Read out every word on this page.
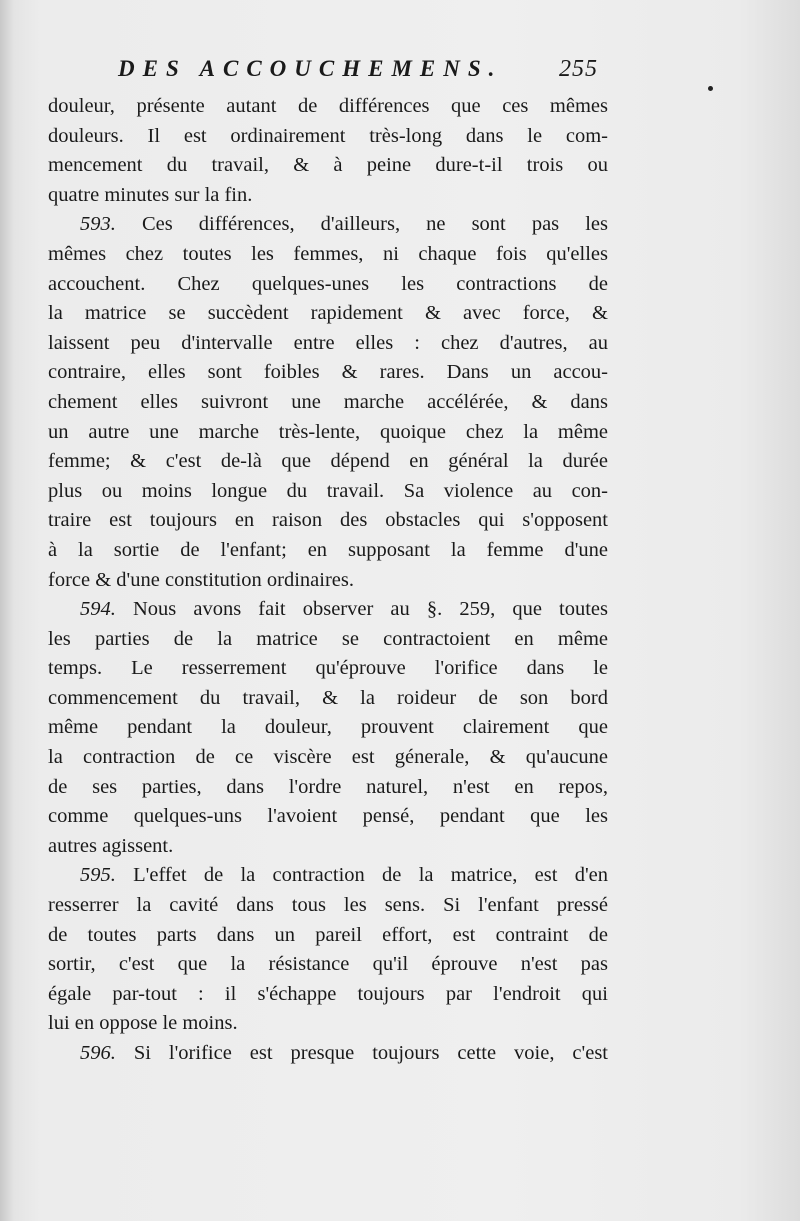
DES ACCOUCHEMENS. 255
douleur, présente autant de différences que ces mêmes
douleurs. Il est ordinairement très-long dans le com-
mencement du travail, & à peine dure-t-il trois ou
quatre minutes sur la fin.
593. Ces différences, d'ailleurs, ne sont pas les
mêmes chez toutes les femmes, ni chaque fois qu'elles
accouchent. Chez quelques-unes les contractions de
la matrice se succèdent rapidement & avec force, &
laissent peu d'intervalle entre elles : chez d'autres, au
contraire, elles sont foibles & rares. Dans un accou-
chement elles suivront une marche accélérée, & dans
un autre une marche très-lente, quoique chez la même
femme; & c'est de-là que dépend en général la durée
plus ou moins longue du travail. Sa violence au con-
traire est toujours en raison des obstacles qui s'opposent
à la sortie de l'enfant; en supposant la femme d'une
force & d'une constitution ordinaires.
594. Nous avons fait observer au §. 259, que toutes
les parties de la matrice se contractoient en même
temps. Le resserrement qu'éprouve l'orifice dans le
commencement du travail, & la roideur de son bord
même pendant la douleur, prouvent clairement que
la contraction de ce viscère est génerale, & qu'aucune
de ses parties, dans l'ordre naturel, n'est en repos,
comme quelques-uns l'avoient pensé, pendant que les
autres agissent.
595. L'effet de la contraction de la matrice, est d'en
resserrer la cavité dans tous les sens. Si l'enfant pressé
de toutes parts dans un pareil effort, est contraint de
sortir, c'est que la résistance qu'il éprouve n'est pas
égale par-tout : il s'échappe toujours par l'endroit qui
lui en oppose le moins.
596. Si l'orifice est presque toujours cette voie, c'est
